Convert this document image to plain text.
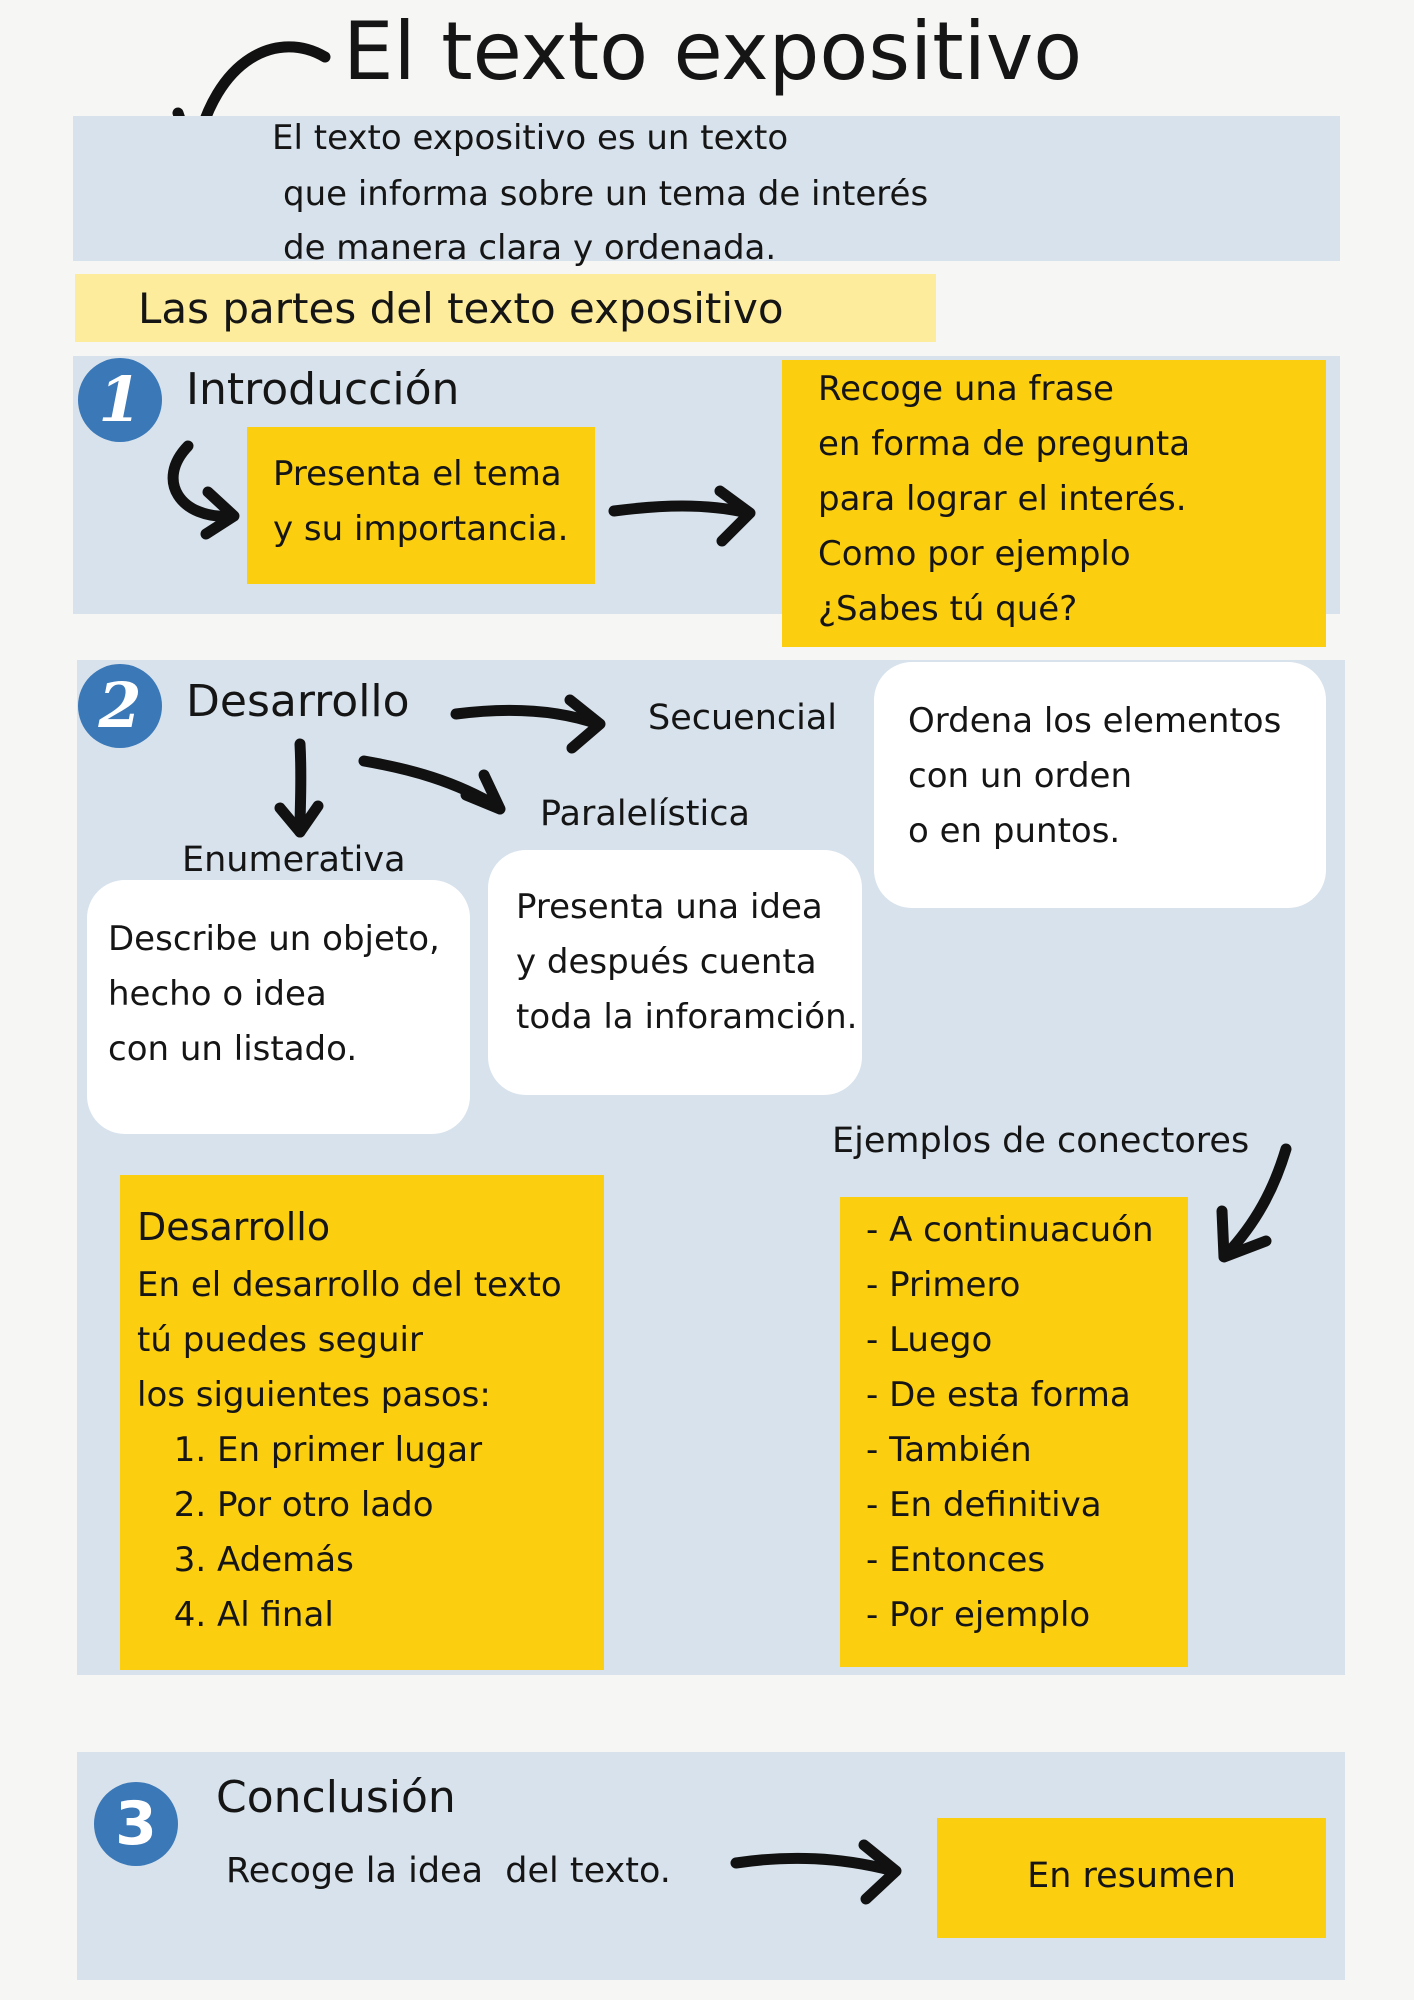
El texto expositivo
El texto expositivo es un texto
que informa sobre un tema de interés
de manera clara y ordenada.
Las partes del texto expositivo
1	Introducción
Presenta el tema
y su importancia.
Recoge una frase
en forma de pregunta
para lograr el interés.
Como por ejemplo
¿Sabes tú qué?
2	Desarrollo	Secuencial
Paralelística
Enumerativa
Ordena los elementos
con un orden
o en puntos.
Presenta una idea
y después cuenta
toda la inforamción.
Describe un objeto,
hecho o idea
con un listado.
Ejemplos de conectores
Desarrollo
En el desarrollo del texto
tú puedes seguir
los siguientes pasos:
1. En primer lugar
2. Por otro lado
3. Además
4. Al final
- A continuacuón
- Primero
- Luego
- De esta forma
- También
- En definitiva
- Entonces
- Por ejemplo
3	Conclusión
Recoge la idea  del texto.	En resumen
